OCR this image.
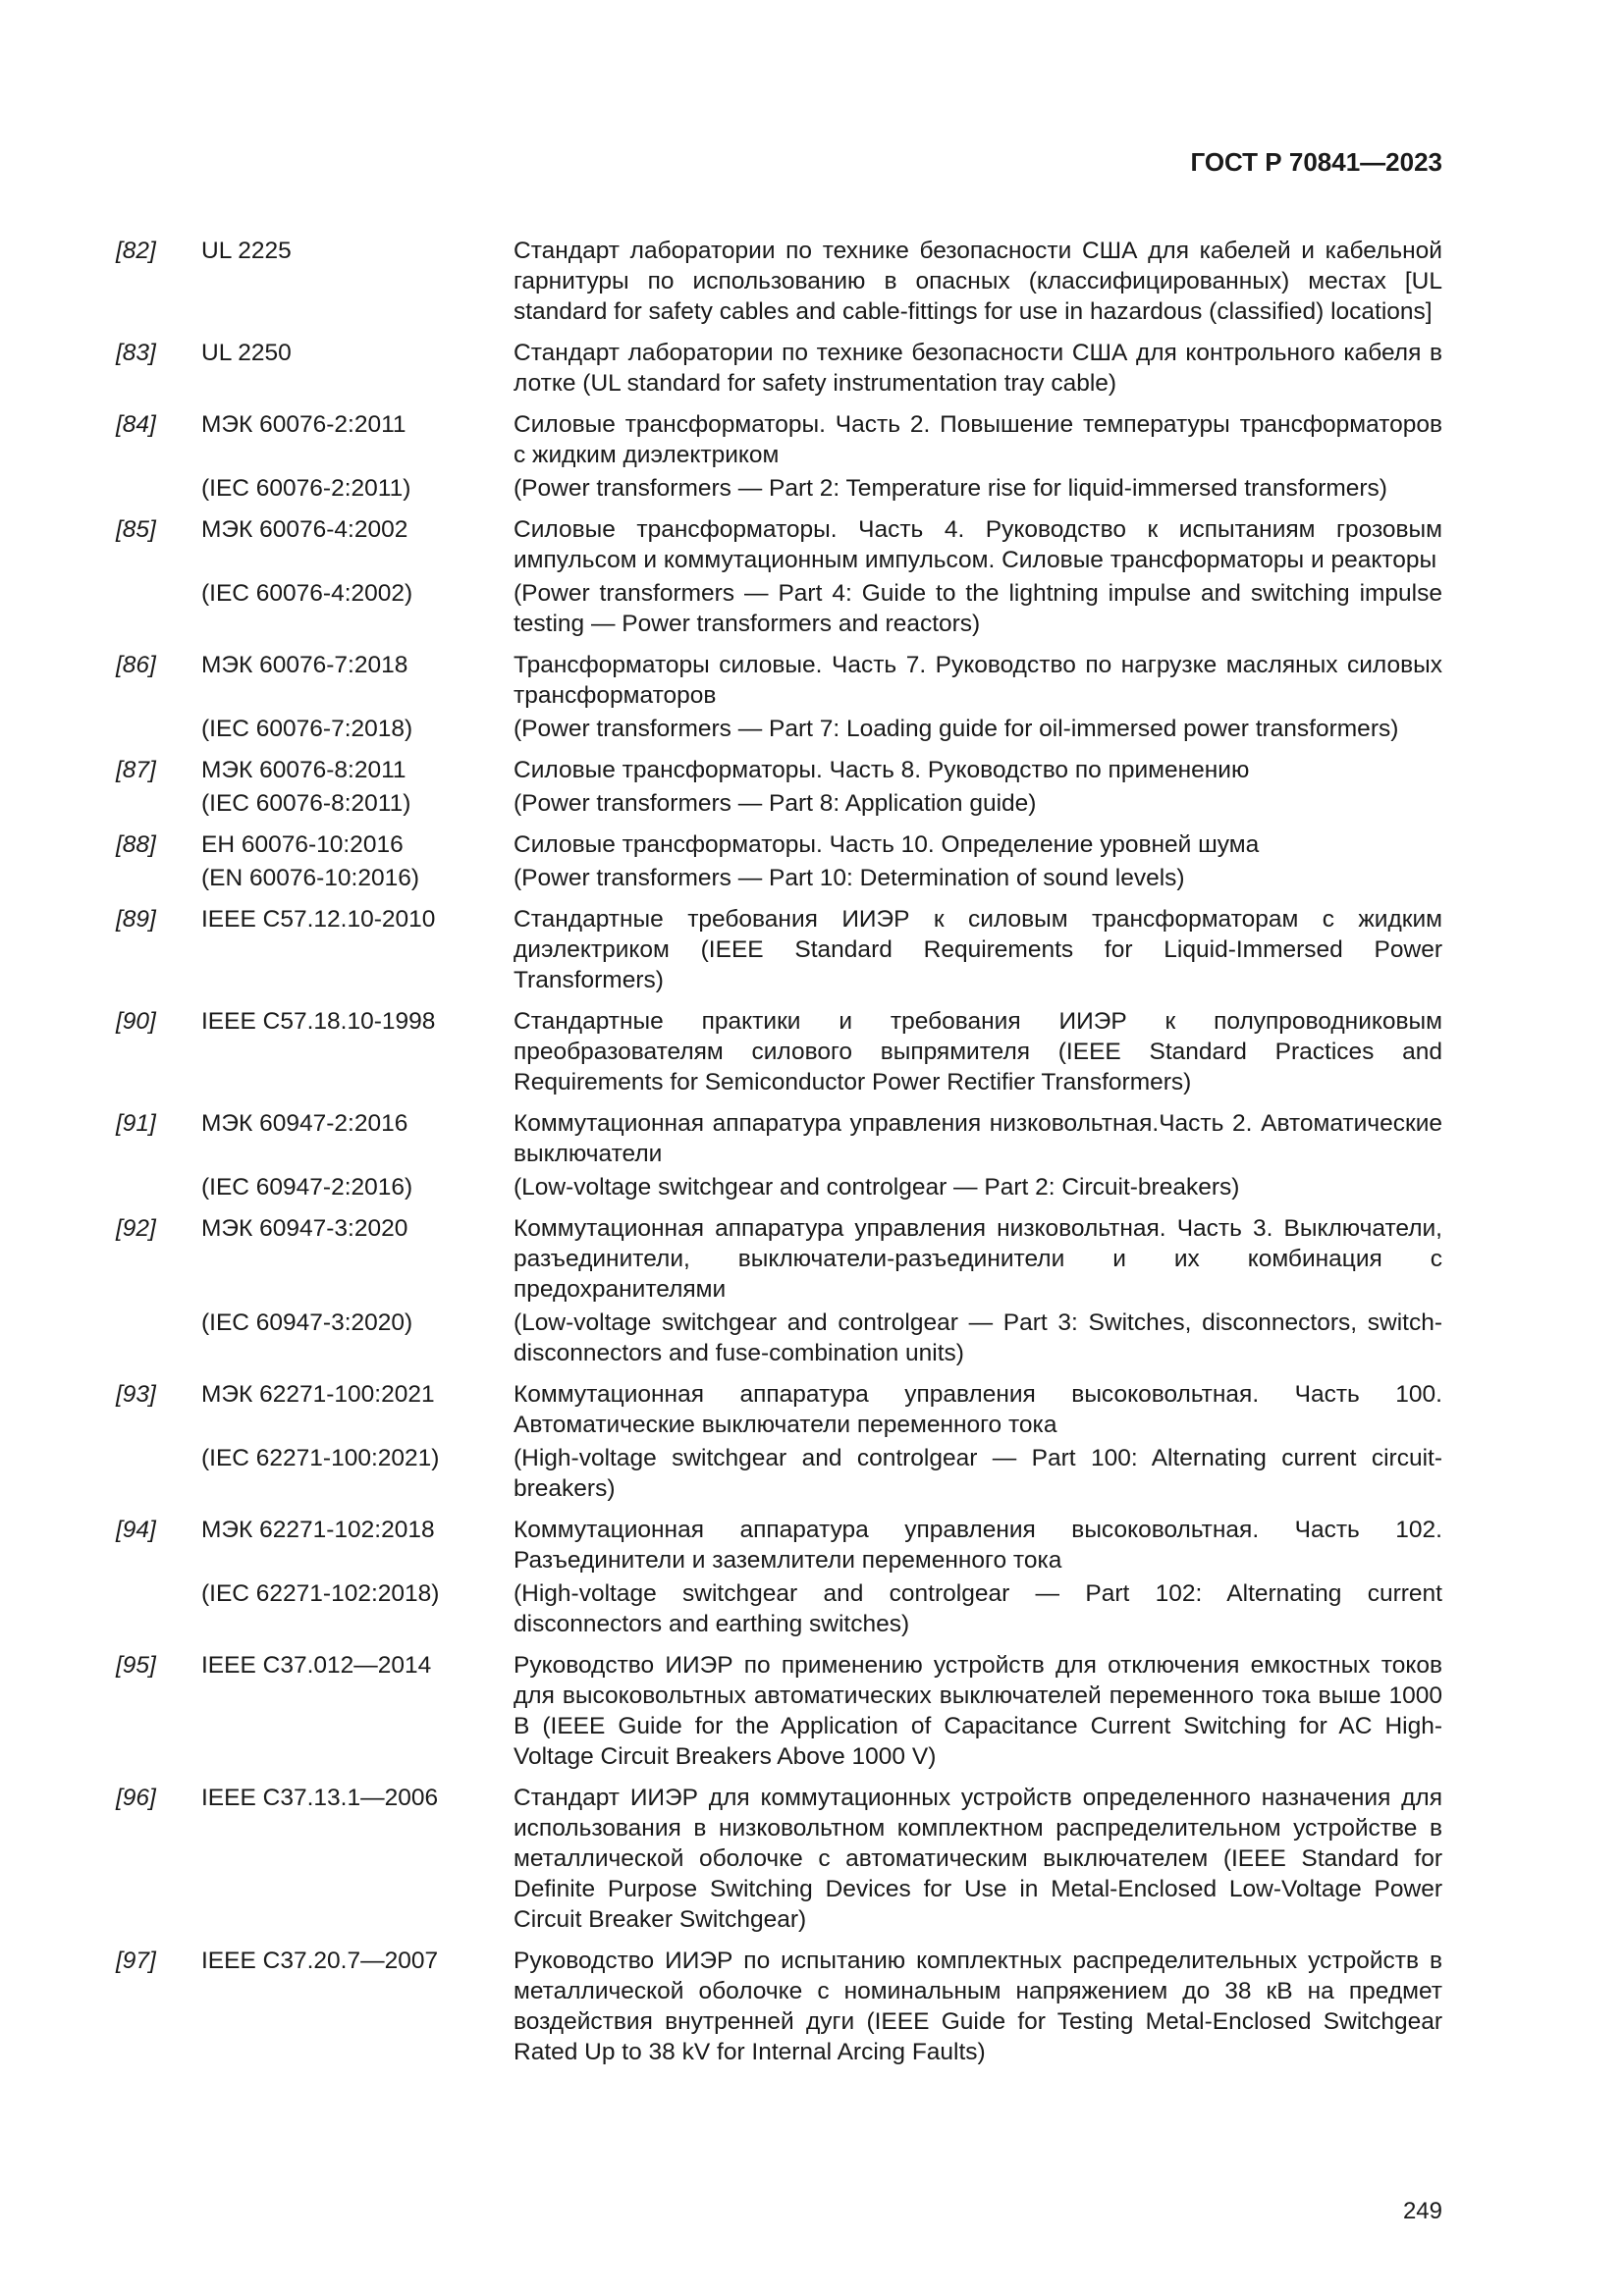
ГОСТ Р 70841—2023
[82]	UL 2225	Стандарт лаборатории по технике безопасности США для кабелей и кабельной гарнитуры по использованию в опасных (классифицированных) местах [UL standard for safety cables and cable-fittings for use in hazardous (classified) locations]
[83]	UL 2250	Стандарт лаборатории по технике безопасности США для контрольного кабеля в лотке (UL standard for safety instrumentation tray cable)
[84]	МЭК 60076-2:2011	Силовые трансформаторы. Часть 2. Повышение температуры трансформаторов с жидким диэлектриком
(IEC 60076-2:2011)	(Power transformers — Part 2: Temperature rise for liquid-immersed transformers)
[85]	МЭК 60076-4:2002	Силовые трансформаторы. Часть 4. Руководство к испытаниям грозовым импульсом и коммутационным импульсом. Силовые трансформаторы и реакторы
(IEC 60076-4:2002)	(Power transformers — Part 4: Guide to the lightning impulse and switching impulse testing — Power transformers and reactors)
[86]	МЭК 60076-7:2018	Трансформаторы силовые. Часть 7. Руководство по нагрузке масляных силовых трансформаторов
(IEC 60076-7:2018)	(Power transformers — Part 7: Loading guide for oil-immersed power transformers)
[87]	МЭК 60076-8:2011	Силовые трансформаторы. Часть 8. Руководство по применению
(IEC 60076-8:2011)	(Power transformers — Part 8: Application guide)
[88]	ЕН 60076-10:2016	Силовые трансформаторы. Часть 10. Определение уровней шума
(EN 60076-10:2016)	(Power transformers — Part 10: Determination of sound levels)
[89]	IEEE C57.12.10-2010	Стандартные требования ИИЭР к силовым трансформаторам с жидким диэлектриком (IEEE Standard Requirements for Liquid-Immersed Power Transformers)
[90]	IEEE C57.18.10-1998	Стандартные практики и требования ИИЭР к полупроводниковым преобразователям силового выпрямителя (IEEE Standard Practices and Requirements for Semiconductor Power Rectifier Transformers)
[91]	МЭК 60947-2:2016	Коммутационная аппаратура управления низковольтная.Часть 2. Автоматические выключатели
(IEC 60947-2:2016)	(Low-voltage switchgear and controlgear — Part 2: Circuit-breakers)
[92]	МЭК 60947-3:2020	Коммутационная аппаратура управления низковольтная. Часть 3. Выключатели, разъединители, выключатели-разъединители и их комбинация с предохранителями
(IEC 60947-3:2020)	(Low-voltage switchgear and controlgear — Part 3: Switches, disconnectors, switch-disconnectors and fuse-combination units)
[93]	МЭК 62271-100:2021	Коммутационная аппаратура управления высоковольтная. Часть 100. Автоматические выключатели переменного тока
(IEC 62271-100:2021)	(High-voltage switchgear and controlgear — Part 100: Alternating current circuit-breakers)
[94]	МЭК 62271-102:2018	Коммутационная аппаратура управления высоковольтная. Часть 102. Разъединители и заземлители переменного тока
(IEC 62271-102:2018)	(High-voltage switchgear and controlgear — Part 102: Alternating current disconnectors and earthing switches)
[95]	IEEE C37.012—2014	Руководство ИИЭР по применению устройств для отключения емкостных токов для высоковольтных автоматических выключателей переменного тока выше 1000 В (IEEE Guide for the Application of Capacitance Current Switching for AC High-Voltage Circuit Breakers Above 1000 V)
[96]	IEEE C37.13.1—2006	Стандарт ИИЭР для коммутационных устройств определенного назначения для использования в низковольтном комплектном распределительном устройстве в металлической оболочке с автоматическим выключателем (IEEE Standard for Definite Purpose Switching Devices for Use in Metal-Enclosed Low-Voltage Power Circuit Breaker Switchgear)
[97]	IEEE C37.20.7—2007	Руководство ИИЭР по испытанию комплектных распределительных устройств в металлической оболочке с номинальным напряжением до 38 кВ на предмет воздействия внутренней дуги (IEEE Guide for Testing Metal-Enclosed Switchgear Rated Up to 38 kV for Internal Arcing Faults)
249
